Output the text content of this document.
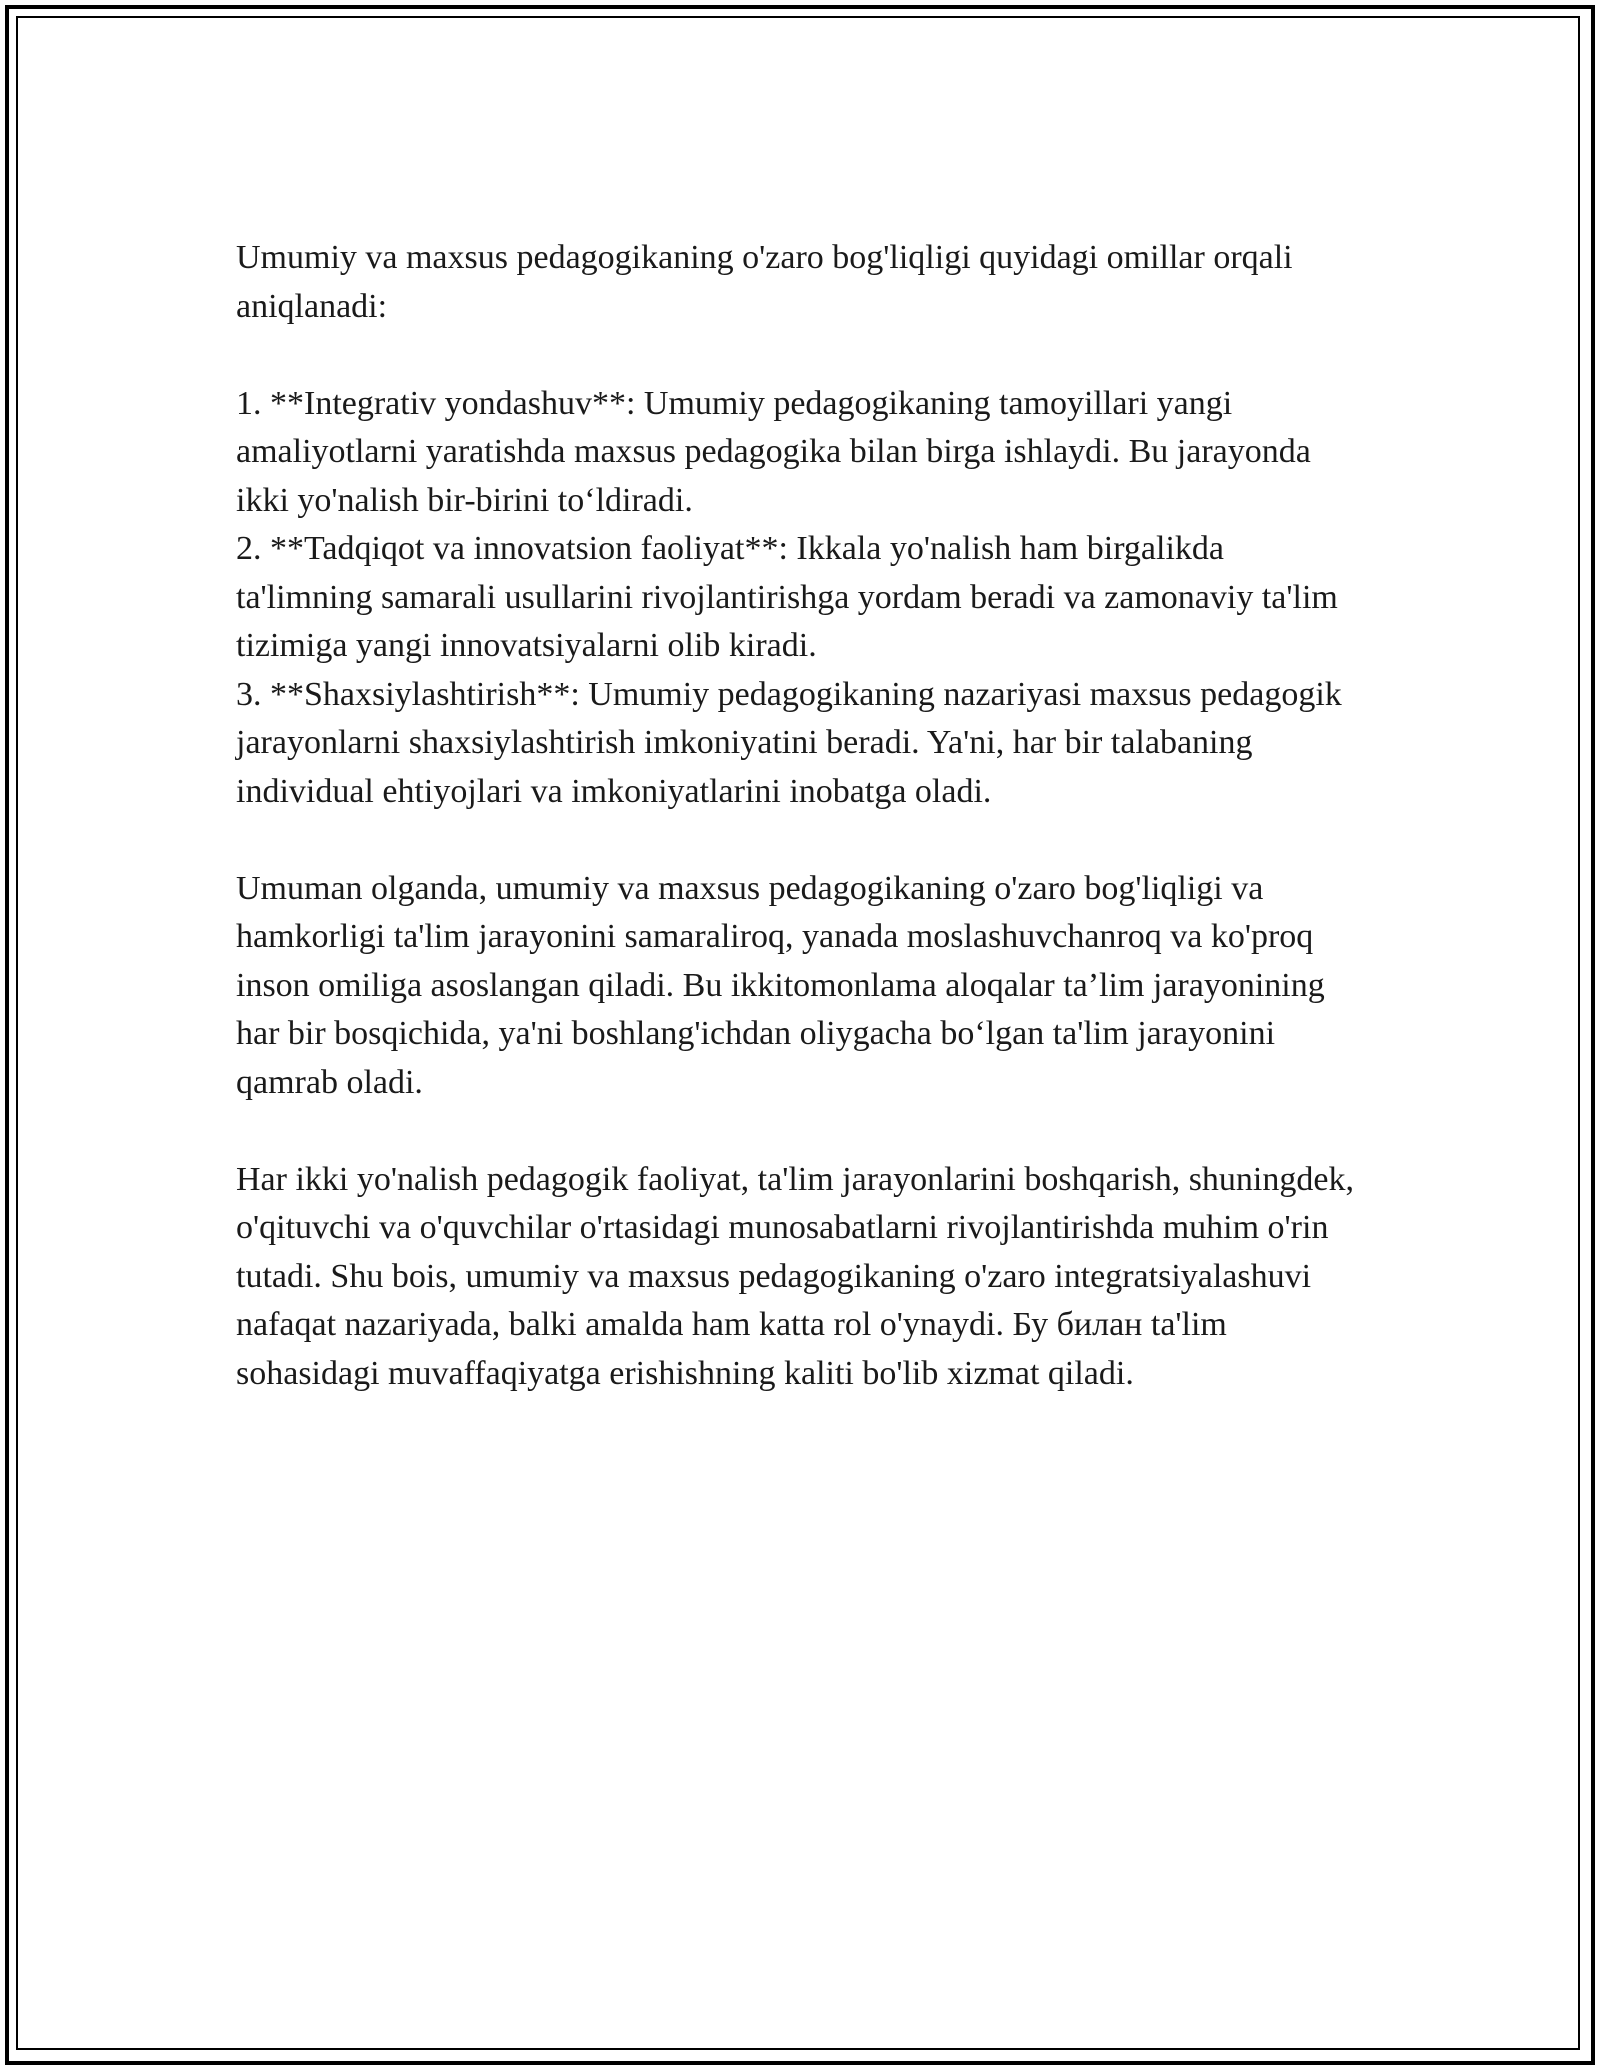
Umumiy va maxsus pedagogikaning o'zaro bog'liqligi quyidagi omillar orqali aniqlanadi:

1. **Integrativ yondashuv**: Umumiy pedagogikaning tamoyillari yangi amaliyotlarni yaratishda maxsus pedagogika bilan birga ishlaydi. Bu jarayonda ikki yo'nalish bir-birini to‘ldiradi.

2. **Tadqiqot va innovatsion faoliyat**: Ikkala yo'nalish ham birgalikda ta'limning samarali usullarini rivojlantirishga yordam beradi va zamonaviy ta'lim tizimiga yangi innovatsiyalarni olib kiradi.

3. **Shaxsiylashtirish**: Umumiy pedagogikaning nazariyasi maxsus pedagogik jarayonlarni shaxsiylashtirish imkoniyatini beradi. Ya'ni, har bir talabaning individual ehtiyojlari va imkoniyatlarini inobatga oladi.

Umuman olganda, umumiy va maxsus pedagogikaning o'zaro bog'liqligi va hamkorligi ta'lim jarayonini samaraliroq, yanada moslashuvchanroq va ko'proq inson omiliga asoslangan qiladi. Bu ikkitomonlama aloqalar ta’lim jarayonining har bir bosqichida, ya'ni boshlang'ichdan oliygacha bo‘lgan ta'lim jarayonini qamrab oladi.

Har ikki yo'nalish pedagogik faoliyat, ta'lim jarayonlarini boshqarish, shuningdek, o'qituvchi va o'quvchilar o'rtasidagi munosabatlarni rivojlantirishda muhim o'rin tutadi. Shu bois, umumiy va maxsus pedagogikaning o'zaro integratsiyalashuvi nafaqat nazariyada, balki amalda ham katta rol o'ynaydi. Бу билан ta'lim sohasidagi muvaffaqiyatga erishishning kaliti bo'lib xizmat qiladi.
